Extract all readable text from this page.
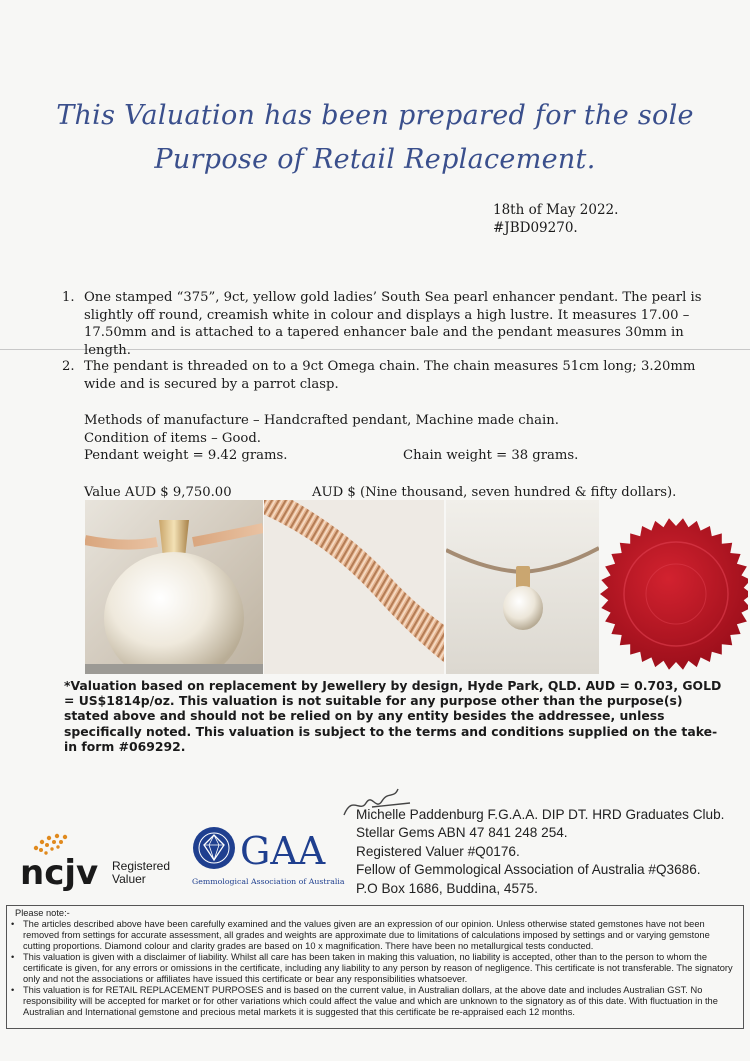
This Valuation has been prepared for the sole
Purpose of Retail Replacement.
18th of May 2022.
#JBD09270.
1. One stamped “375”, 9ct, yellow gold ladies’ South Sea pearl enhancer pendant. The pearl is slightly off round, creamish white in colour and displays a high lustre. It measures 17.00 – 17.50mm and is attached to a tapered enhancer bale and the pendant measures 30mm in length.
2. The pendant is threaded on to a 9ct Omega chain. The chain measures 51cm long; 3.20mm wide and is secured by a parrot clasp.
Methods of manufacture – Handcrafted pendant, Machine made chain.
Condition of items – Good.
Pendant weight = 9.42 grams.	Chain weight = 38 grams.
Value AUD $ 9,750.00	AUD $ (Nine thousand, seven hundred & fifty dollars).
*Valuation based on replacement by Jewellery by design, Hyde Park, QLD. AUD = 0.703, GOLD = US$1814p/oz. This valuation is not suitable for any purpose other than the purpose(s) stated above and should not be relied on by any entity besides the addressee, unless specifically noted. This valuation is subject to the terms and conditions supplied on the take-in form #069292.
Michelle Paddenburg F.G.A.A. DIP DT. HRD Graduates Club.
Stellar Gems ABN 47 841 248 254.
Registered Valuer #Q0176.
Fellow of Gemmological Association of Australia #Q3686.
P.O Box 1686, Buddina, 4575.
ncjv Registered
Valuer
GAA
Gemmological Association of Australia
Please note:-
• The articles described above have been carefully examined and the values given are an expression of our opinion. Unless otherwise stated gemstones have not been removed from settings for accurate assessment, all grades and weights are approximate due to limitations of calculations imposed by settings and or varying gemstone cutting proportions. Diamond colour and clarity grades are based on 10 x magnification. There have been no metallurgical tests conducted.
• This valuation is given with a disclaimer of liability. Whilst all care has been taken in making this valuation, no liability is accepted, other than to the person to whom the certificate is given, for any errors or omissions in the certificate, including any liability to any person by reason of negligence. This certificate is not transferable. The signatory only and not the associations or affiliates have issued this certificate or bear any responsibilities whatsoever.
• This valuation is for RETAIL REPLACEMENT PURPOSES and is based on the current value, in Australian dollars, at the above date and includes Australian GST. No responsibility will be accepted for market or for other variations which could affect the value and which are unknown to the signatory as of this date. With fluctuation in the Australian and International gemstone and precious metal markets it is suggested that this certificate be re-appraised each 12 months.
